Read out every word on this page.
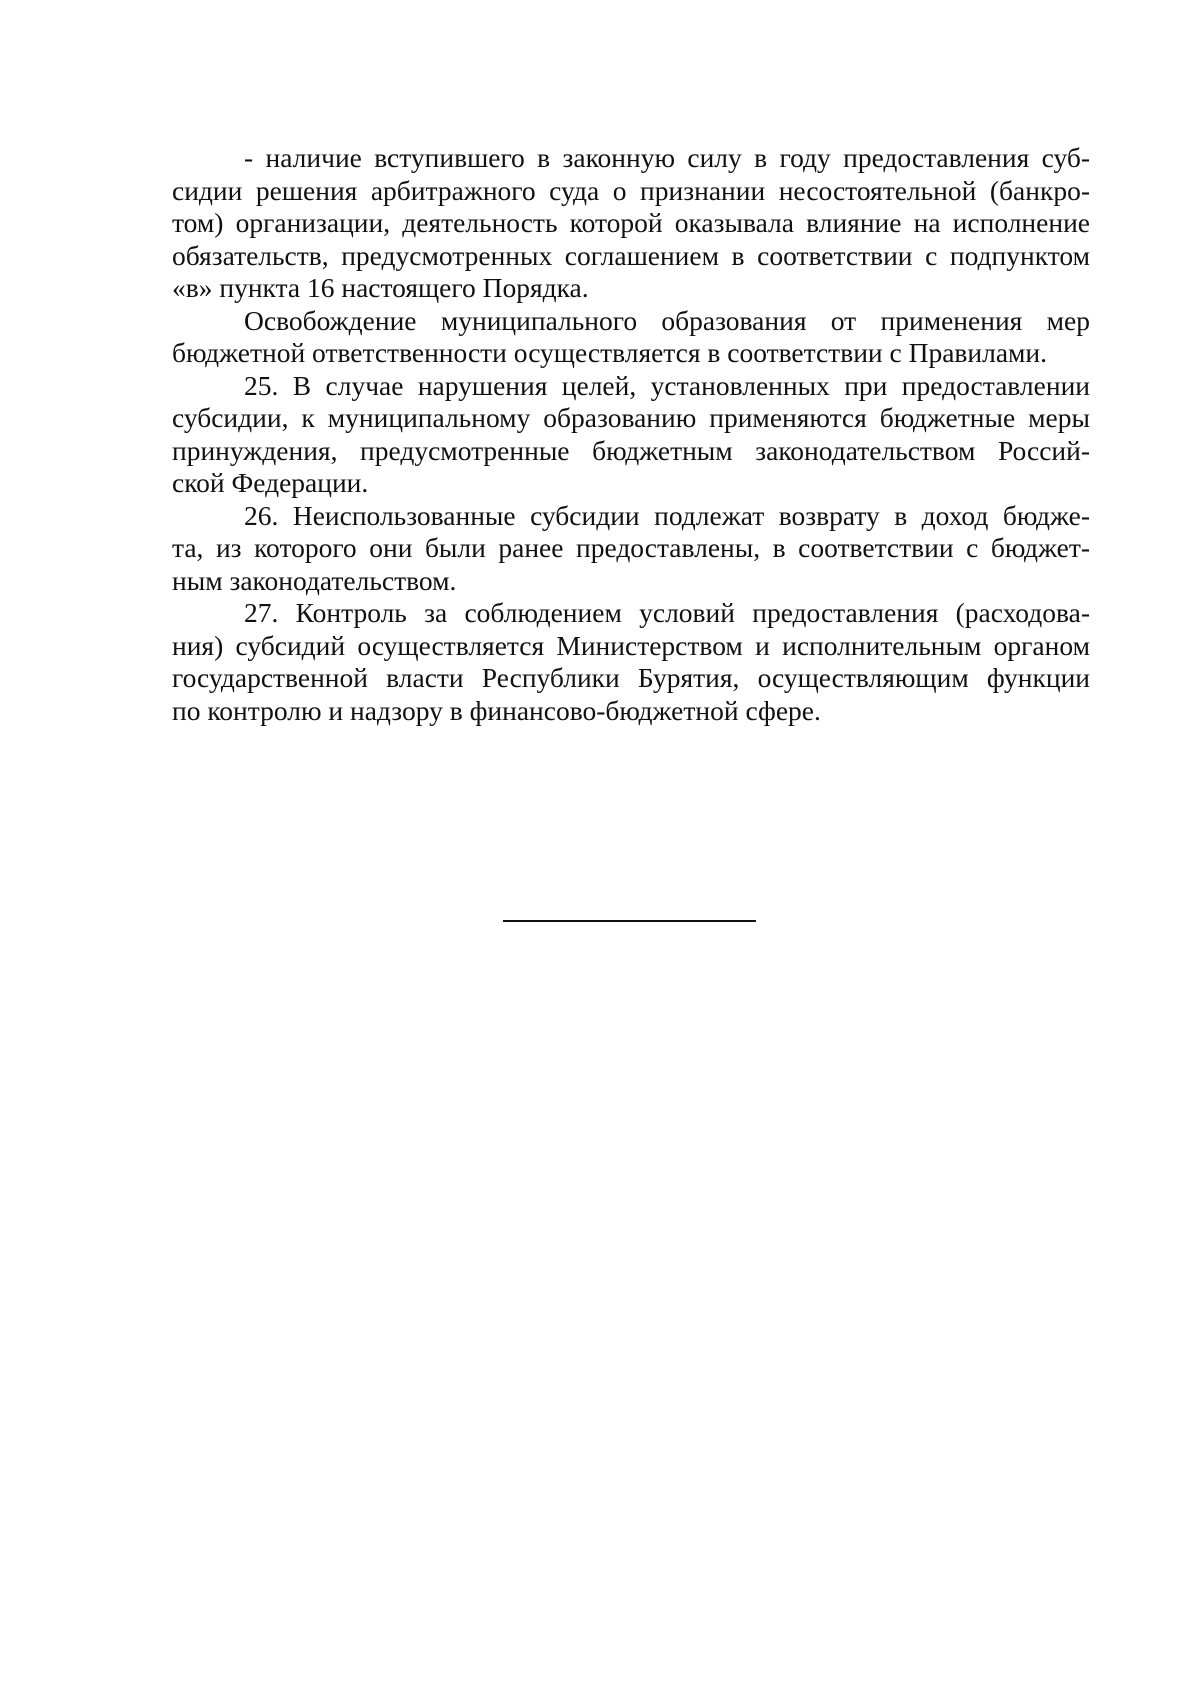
- наличие вступившего в законную силу в году предоставления суб-
сидии решения арбитражного суда о признании несостоятельной (банкро-
том) организации, деятельность которой оказывала влияние на исполнение
обязательств, предусмотренных соглашением в соответствии с подпунктом
«в» пункта 16 настоящего Порядка.

Освобождение муниципального образования от применения мер
бюджетной ответственности осуществляется в соответствии с Правилами.

25. В случае нарушения целей, установленных при предоставлении
субсидии, к муниципальному образованию применяются бюджетные меры
принуждения, предусмотренные бюджетным законодательством Россий-
ской Федерации.

26. Неиспользованные субсидии подлежат возврату в доход бюдже-
та, из которого они были ранее предоставлены, в соответствии с бюджет-
ным законодательством.

27. Контроль за соблюдением условий предоставления (расходова-
ния) субсидий осуществляется Министерством и исполнительным органом
государственной власти Республики Бурятия, осуществляющим функции
по контролю и надзору в финансово-бюджетной сфере.
